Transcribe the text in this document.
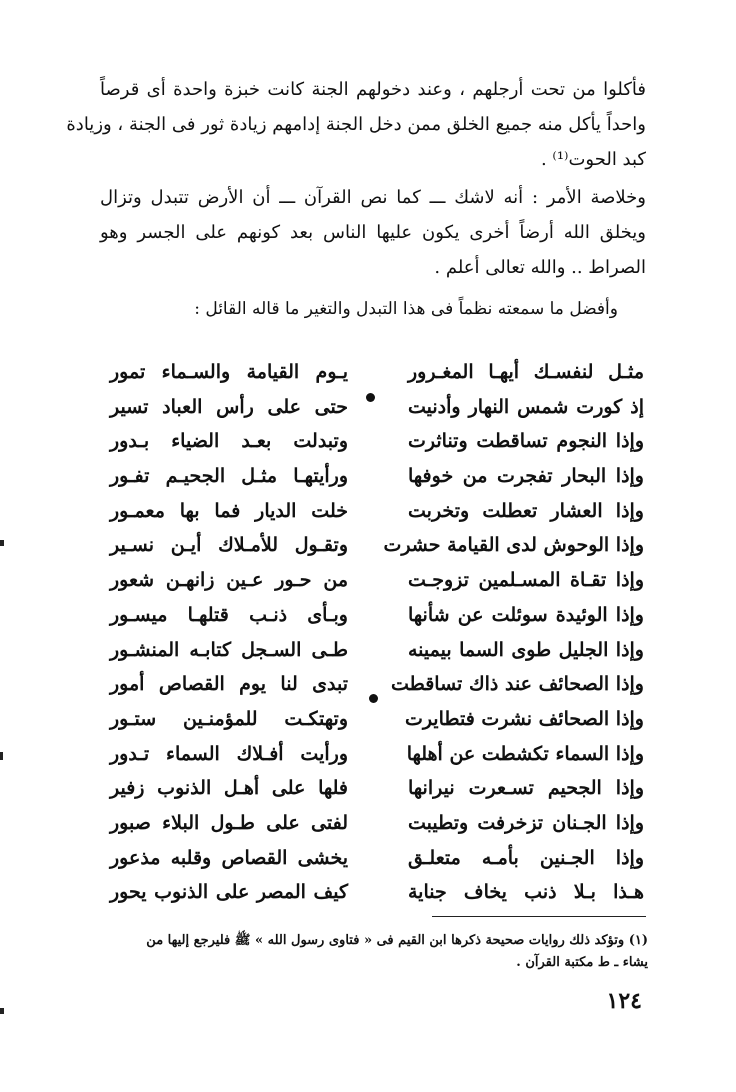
فأكلوا من تحت أرجلهم ، وعند دخولهم الجنة كانت خبزة واحدة أى قرصاً
واحداً يأكل منه جميع الخلق ممن دخل الجنة إدامهم زيادة ثور فى الجنة ، وزيادة
كبد الحوت⁽¹⁾ .
وخلاصة الأمر : أنه لاشك ـــ كما نص القرآن ـــ أن الأرض تتبدل وتزال
ويخلق الله أرضاً أخرى يكون عليها الناس بعد كونهم على الجسر وهو
الصراط .. والله تعالى أعلم .
وأفضل ما سمعته نظماً فى هذا التبدل والتغير ما قاله القائل :
مثـل لنفسـك أيهـا المغـرور
إذ كورت شمس النهار وأدنيت
وإذا النجوم تساقطت وتناثرت
وإذا البحار تفجرت من خوفها
وإذا العشار تعطلت وتخربت
وإذا الوحوش لدى القيامة حشرت
وإذا تقـاة المسـلمين تزوجـت
وإذا الوئيدة سوئلت عن شأنها
وإذا الجليل طوى السما بيمينه
وإذا الصحائف عند ذاك تساقطت
وإذا الصحائف نشرت فتطايرت
وإذا السماء تكشطت عن أهلها
وإذا الجحيم تسـعرت نيرانها
وإذا الجـنان تزخرفت وتطيبت
وإذا الجـنين بأمـه متعلـق
هـذا بـلا ذنب يخاف جناية
يـوم القيامة والسـماء تمور
حتى على رأس العباد تسير
وتبدلت بعـد الضياء بـدور
ورأيتهـا مثـل الجحيـم تفـور
خلت الديار فما بها معمـور
وتقـول للأمـلاك أيـن نسـير
من حـور عـين زانهـن شعور
وبـأى ذنـب قتلهـا ميسـور
طـى السـجل كتابـه المنشـور
تبدى لنا يوم القصاص أمور
وتهتكـت للمؤمنـين ستـور
ورأيت أفـلاك السماء تـدور
فلها على أهـل الذنوب زفير
لفتى على طـول البلاء صبور
يخشى القصاص وقلبه مذعور
كيف المصر على الذنوب يحور
(١) وتؤكد ذلك روايات صحيحة ذكرها ابن القيم فى « فتاوى رسول الله » ﷺ فليرجع إليها من
يشاء ـ ط مكتبة القرآن .
١٢٤
